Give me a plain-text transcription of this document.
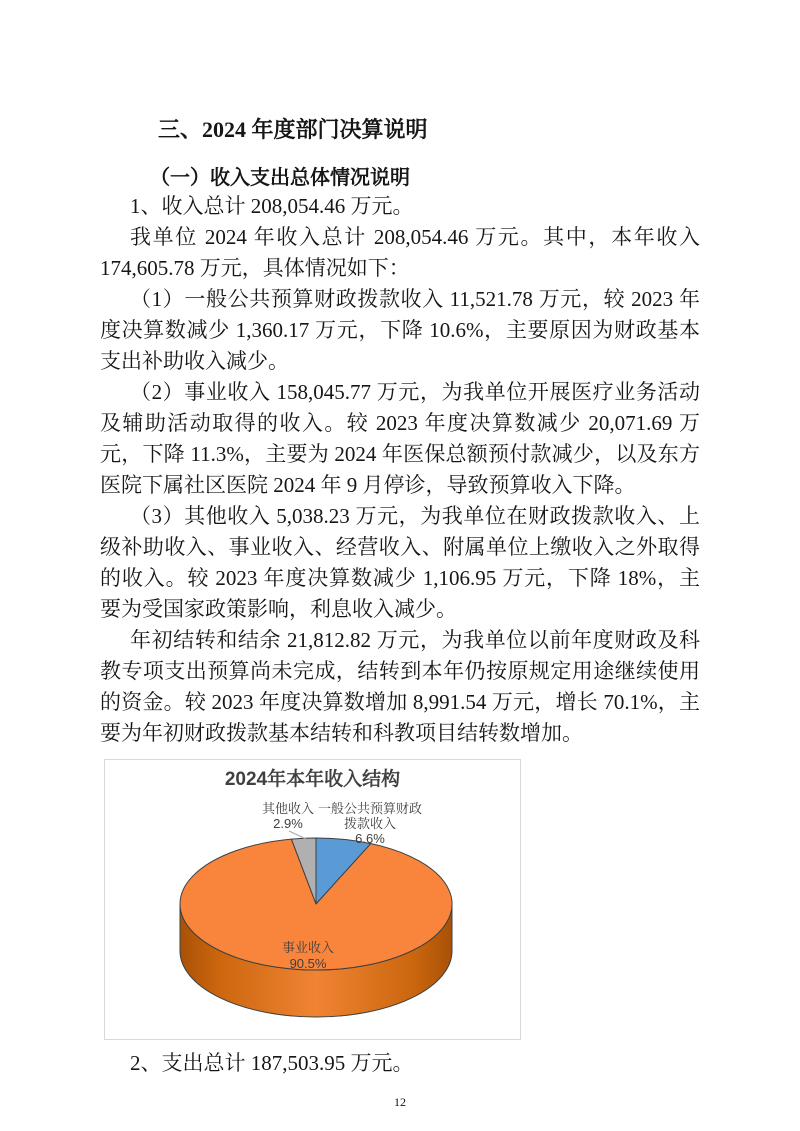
三、2024 年度部门决算说明
（一）收入支出总体情况说明

1、收入总计 208,054.46 万元。

我单位 2024 年收入总计 208,054.46 万元。其中，本年收入 174,605.78 万元，具体情况如下：

（1）一般公共预算财政拨款收入 11,521.78 万元，较 2023 年度决算数减少 1,360.17 万元，下降 10.6%，主要原因为财政基本支出补助收入减少。

（2）事业收入 158,045.77 万元，为我单位开展医疗业务活动及辅助活动取得的收入。较 2023 年度决算数减少 20,071.69 万元，下降 11.3%，主要为 2024 年医保总额预付款减少，以及东方医院下属社区医院 2024 年 9 月停诊，导致预算收入下降。

（3）其他收入 5,038.23 万元，为我单位在财政拨款收入、上级补助收入、事业收入、经营收入、附属单位上缴收入之外取得的收入。较 2023 年度决算数减少 1,106.95 万元，下降 18%，主要为受国家政策影响，利息收入减少。

年初结转和结余 21,812.82 万元，为我单位以前年度财政及科教专项支出预算尚未完成，结转到本年仍按原规定用途继续使用的资金。较 2023 年度决算数增加 8,991.54 万元，增长 70.1%，主要为年初财政拨款基本结转和科教项目结转数增加。

2024年本年收入结构
其他收入
2.9%
一般公共预算财政拨款收入
6.6%
事业收入
90.5%

2、支出总计 187,503.95 万元。

12
